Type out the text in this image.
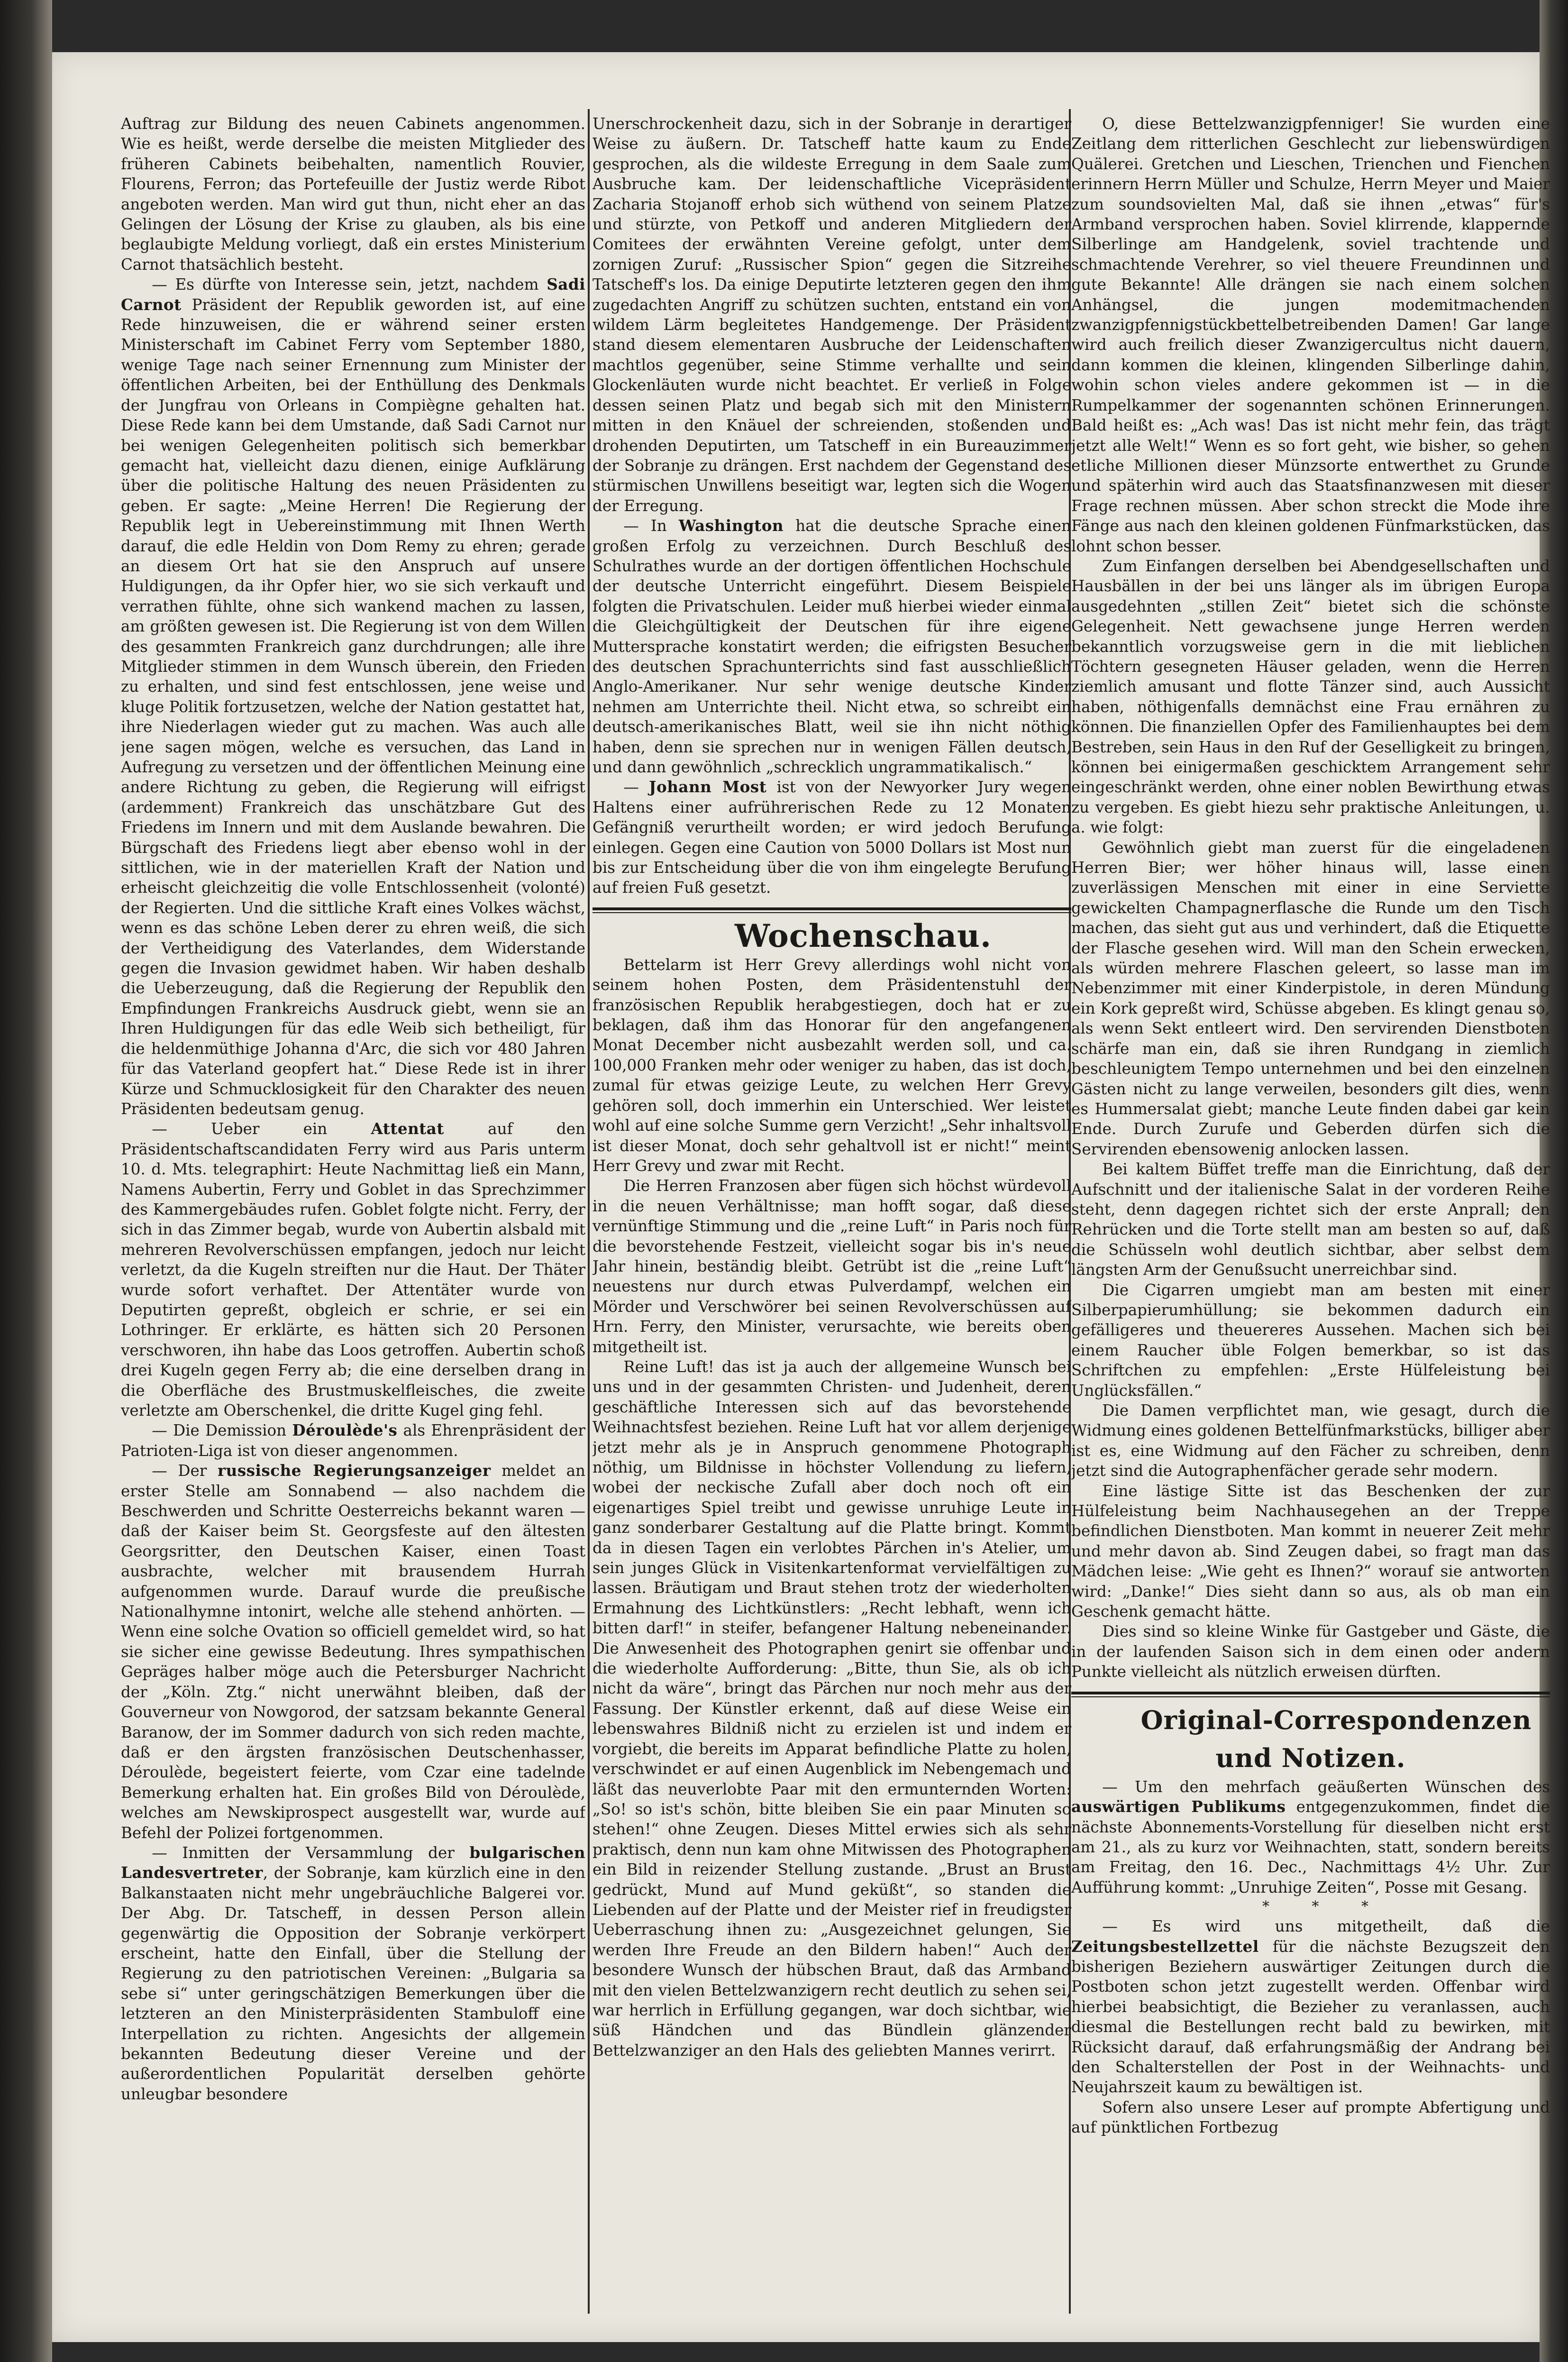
Auftrag zur Bildung des neuen Cabinets angenommen. Wie es heißt, werde derselbe die meisten Mitglieder des früheren Cabinets beibehalten, namentlich Rouvier, Flourens, Ferron; das Portefeuille der Justiz werde Ribot angeboten werden. Man wird gut thun, nicht eher an das Gelingen der Lösung der Krise zu glauben, als bis eine beglaubigte Meldung vorliegt, daß ein erstes Ministerium Carnot thatsächlich besteht.

— Es dürfte von Interesse sein, jetzt, nachdem Sadi Carnot Präsident der Republik geworden ist, auf eine Rede hinzuweisen, die er während seiner ersten Ministerschaft im Cabinet Ferry vom September 1880, wenige Tage nach seiner Ernennung zum Minister der öffentlichen Arbeiten, bei der Enthüllung des Denkmals der Jungfrau von Orleans in Compiègne gehalten hat. Diese Rede kann bei dem Umstande, daß Sadi Carnot nur bei wenigen Gelegenheiten politisch sich bemerkbar gemacht hat, vielleicht dazu dienen, einige Aufklärung über die politische Haltung des neuen Präsidenten zu geben. Er sagte: „Meine Herren! Die Regierung der Republik legt in Uebereinstimmung mit Ihnen Werth darauf, die edle Heldin von Dom Remy zu ehren; gerade an diesem Ort hat sie den Anspruch auf unsere Huldigungen, da ihr Opfer hier, wo sie sich verkauft und verrathen fühlte, ohne sich wankend machen zu lassen, am größten gewesen ist. Die Regierung ist von dem Willen des gesammten Frankreich ganz durchdrungen; alle ihre Mitglieder stimmen in dem Wunsch überein, den Frieden zu erhalten, und sind fest entschlossen, jene weise und kluge Politik fortzusetzen, welche der Nation gestattet hat, ihre Niederlagen wieder gut zu machen. Was auch alle jene sagen mögen, welche es versuchen, das Land in Aufregung zu versetzen und der öffentlichen Meinung eine andere Richtung zu geben, die Regierung will eifrigst (ardemment) Frankreich das unschätzbare Gut des Friedens im Innern und mit dem Auslande bewahren. Die Bürgschaft des Friedens liegt aber ebenso wohl in der sittlichen, wie in der materiellen Kraft der Nation und erheischt gleichzeitig die volle Entschlossenheit (volonté) der Regierten. Und die sittliche Kraft eines Volkes wächst, wenn es das schöne Leben derer zu ehren weiß, die sich der Vertheidigung des Vaterlandes, dem Widerstande gegen die Invasion gewidmet haben. Wir haben deshalb die Ueberzeugung, daß die Regierung der Republik den Empfindungen Frankreichs Ausdruck giebt, wenn sie an Ihren Huldigungen für das edle Weib sich betheiligt, für die heldenmüthige Johanna d'Arc, die sich vor 480 Jahren für das Vaterland geopfert hat.“ Diese Rede ist in ihrer Kürze und Schmucklosigkeit für den Charakter des neuen Präsidenten bedeutsam genug.

— Ueber ein Attentat auf den Präsidentschaftscandidaten Ferry wird aus Paris unterm 10. d. Mts. telegraphirt: Heute Nachmittag ließ ein Mann, Namens Aubertin, Ferry und Goblet in das Sprechzimmer des Kammergebäudes rufen. Goblet folgte nicht. Ferry, der sich in das Zimmer begab, wurde von Aubertin alsbald mit mehreren Revolverschüssen empfangen, jedoch nur leicht verletzt, da die Kugeln streiften nur die Haut. Der Thäter wurde sofort verhaftet. Der Attentäter wurde von Deputirten gepreßt, obgleich er schrie, er sei ein Lothringer. Er erklärte, es hätten sich 20 Personen verschworen, ihn habe das Loos getroffen. Aubertin schoß drei Kugeln gegen Ferry ab; die eine derselben drang in die Oberfläche des Brustmuskelfleisches, die zweite verletzte am Oberschenkel, die dritte Kugel ging fehl.

— Die Demission Déroulède's als Ehrenpräsident der Patrioten-Liga ist von dieser angenommen.

— Der russische Regierungsanzeiger meldet an erster Stelle am Sonnabend — also nachdem die Beschwerden und Schritte Oesterreichs bekannt waren — daß der Kaiser beim St. Georgsfeste auf den ältesten Georgsritter, den Deutschen Kaiser, einen Toast ausbrachte, welcher mit brausendem Hurrah aufgenommen wurde. Darauf wurde die preußische Nationalhymne intonirt, welche alle stehend anhörten. — Wenn eine solche Ovation so officiell gemeldet wird, so hat sie sicher eine gewisse Bedeutung. Ihres sympathischen Gepräges halber möge auch die Petersburger Nachricht der „Köln. Ztg.“ nicht unerwähnt bleiben, daß der Gouverneur von Nowgorod, der satzsam bekannte General Baranow, der im Sommer dadurch von sich reden machte, daß er den ärgsten französischen Deutschenhasser, Déroulède, begeistert feierte, vom Czar eine tadelnde Bemerkung erhalten hat. Ein großes Bild von Déroulède, welches am Newskiprospect ausgestellt war, wurde auf Befehl der Polizei fortgenommen.

— Inmitten der Versammlung der bulgarischen Landesvertreter, der Sobranje, kam kürzlich eine in den Balkanstaaten nicht mehr ungebräuchliche Balgerei vor. Der Abg. Dr. Tatscheff, in dessen Person allein gegenwärtig die Opposition der Sobranje verkörpert erscheint, hatte den Einfall, über die Stellung der Regierung zu den patriotischen Vereinen: „Bulgaria sa sebe si“ unter geringschätzigen Bemerkungen über die letzteren an den Ministerpräsidenten Stambuloff eine Interpellation zu richten. Angesichts der allgemein bekannten Bedeutung dieser Vereine und der außerordentlichen Popularität derselben gehörte unleugbar besondere

Unerschrockenheit dazu, sich in der Sobranje in derartiger Weise zu äußern. Dr. Tatscheff hatte kaum zu Ende gesprochen, als die wildeste Erregung in dem Saale zum Ausbruche kam. Der leidenschaftliche Vicepräsident Zacharia Stojanoff erhob sich wüthend von seinem Platze und stürzte, von Petkoff und anderen Mitgliedern der Comitees der erwähnten Vereine gefolgt, unter dem zornigen Zuruf: „Russischer Spion“ gegen die Sitzreihe Tatscheff's los. Da einige Deputirte letzteren gegen den ihm zugedachten Angriff zu schützen suchten, entstand ein von wildem Lärm begleitetes Handgemenge. Der Präsident stand diesem elementaren Ausbruche der Leidenschaften machtlos gegenüber, seine Stimme verhallte und sein Glockenläuten wurde nicht beachtet. Er verließ in Folge dessen seinen Platz und begab sich mit den Ministern mitten in den Knäuel der schreienden, stoßenden und drohenden Deputirten, um Tatscheff in ein Bureauzimmer der Sobranje zu drängen. Erst nachdem der Gegenstand des stürmischen Unwillens beseitigt war, legten sich die Wogen der Erregung.

— In Washington hat die deutsche Sprache einen großen Erfolg zu verzeichnen. Durch Beschluß des Schulrathes wurde an der dortigen öffentlichen Hochschule der deutsche Unterricht eingeführt. Diesem Beispiele folgten die Privatschulen. Leider muß hierbei wieder einmal die Gleichgültigkeit der Deutschen für ihre eigene Muttersprache konstatirt werden; die eifrigsten Besucher des deutschen Sprachunterrichts sind fast ausschließlich Anglo-Amerikaner. Nur sehr wenige deutsche Kinder nehmen am Unterrichte theil. Nicht etwa, so schreibt ein deutsch-amerikanisches Blatt, weil sie ihn nicht nöthig haben, denn sie sprechen nur in wenigen Fällen deutsch, und dann gewöhnlich „schrecklich ungrammatikalisch.“

— Johann Most ist von der Newyorker Jury wegen Haltens einer aufrührerischen Rede zu 12 Monaten Gefängniß verurtheilt worden; er wird jedoch Berufung einlegen. Gegen eine Caution von 5000 Dollars ist Most nun bis zur Entscheidung über die von ihm eingelegte Berufung auf freien Fuß gesetzt.

Wochenschau.

Bettelarm ist Herr Grevy allerdings wohl nicht von seinem hohen Posten, dem Präsidentenstuhl der französischen Republik herabgestiegen, doch hat er zu beklagen, daß ihm das Honorar für den angefangenen Monat December nicht ausbezahlt werden soll, und ca. 100,000 Franken mehr oder weniger zu haben, das ist doch, zumal für etwas geizige Leute, zu welchen Herr Grevy gehören soll, doch immerhin ein Unterschied. Wer leistet wohl auf eine solche Summe gern Verzicht! „Sehr inhaltsvoll ist dieser Monat, doch sehr gehaltvoll ist er nicht!“ meint Herr Grevy und zwar mit Recht.

Die Herren Franzosen aber fügen sich höchst würdevoll in die neuen Verhältnisse; man hofft sogar, daß diese vernünftige Stimmung und die „reine Luft“ in Paris noch für die bevorstehende Festzeit, vielleicht sogar bis in's neue Jahr hinein, beständig bleibt. Getrübt ist die „reine Luft“ neuestens nur durch etwas Pulverdampf, welchen ein Mörder und Verschwörer bei seinen Revolverschüssen auf Hrn. Ferry, den Minister, verursachte, wie bereits oben mitgetheilt ist.

Reine Luft! das ist ja auch der allgemeine Wunsch bei uns und in der gesammten Christen- und Judenheit, deren geschäftliche Interessen sich auf das bevorstehende Weihnachtsfest beziehen. Reine Luft hat vor allem derjenige jetzt mehr als je in Anspruch genommene Photograph nöthig, um Bildnisse in höchster Vollendung zu liefern, wobei der neckische Zufall aber doch noch oft ein eigenartiges Spiel treibt und gewisse unruhige Leute in ganz sonderbarer Gestaltung auf die Platte bringt. Kommt da in diesen Tagen ein verlobtes Pärchen in's Atelier, um sein junges Glück in Visitenkartenformat vervielfältigen zu lassen. Bräutigam und Braut stehen trotz der wiederholten Ermahnung des Lichtkünstlers: „Recht lebhaft, wenn ich bitten darf!“ in steifer, befangener Haltung nebeneinander. Die Anwesenheit des Photographen genirt sie offenbar und die wiederholte Aufforderung: „Bitte, thun Sie, als ob ich nicht da wäre“, bringt das Pärchen nur noch mehr aus der Fassung. Der Künstler erkennt, daß auf diese Weise ein lebenswahres Bildniß nicht zu erzielen ist und indem er vorgiebt, die bereits im Apparat befindliche Platte zu holen, verschwindet er auf einen Augenblick im Nebengemach und läßt das neuverlobte Paar mit den ermunternden Worten: „So! so ist's schön, bitte bleiben Sie ein paar Minuten so stehen!“ ohne Zeugen. Dieses Mittel erwies sich als sehr praktisch, denn nun kam ohne Mitwissen des Photographen ein Bild in reizender Stellung zustande. „Brust an Brust gedrückt, Mund auf Mund geküßt“, so standen die Liebenden auf der Platte und der Meister rief in freudigster Ueberraschung ihnen zu: „Ausgezeichnet gelungen, Sie werden Ihre Freude an den Bildern haben!“ Auch der besondere Wunsch der hübschen Braut, daß das Armband mit den vielen Bettelzwanzigern recht deutlich zu sehen sei, war herrlich in Erfüllung gegangen, war doch sichtbar, wie süß Händchen und das Bündlein glänzender Bettelzwanziger an den Hals des geliebten Mannes verirrt.

O, diese Bettelzwanzigpfenniger! Sie wurden eine Zeitlang dem ritterlichen Geschlecht zur liebenswürdigen Quälerei. Gretchen und Lieschen, Trienchen und Fienchen erinnern Herrn Müller und Schulze, Herrn Meyer und Maier zum soundsovielten Mal, daß sie ihnen „etwas“ für's Armband versprochen haben. Soviel klirrende, klappernde Silberlinge am Handgelenk, soviel trachtende und schmachtende Verehrer, so viel theuere Freundinnen und gute Bekannte! Alle drängen sie nach einem solchen Anhängsel, die jungen modemitmachenden zwanzigpfennigstückbettelbetreibenden Damen! Gar lange wird auch freilich dieser Zwanzigercultus nicht dauern, dann kommen die kleinen, klingenden Silberlinge dahin, wohin schon vieles andere gekommen ist — in die Rumpelkammer der sogenannten schönen Erinnerungen. Bald heißt es: „Ach was! Das ist nicht mehr fein, das trägt jetzt alle Welt!“ Wenn es so fort geht, wie bisher, so gehen etliche Millionen dieser Münzsorte entwerthet zu Grunde und späterhin wird auch das Staatsfinanzwesen mit dieser Frage rechnen müssen. Aber schon streckt die Mode ihre Fänge aus nach den kleinen goldenen Fünfmarkstücken, das lohnt schon besser.

Zum Einfangen derselben bei Abendgesellschaften und Hausbällen in der bei uns länger als im übrigen Europa ausgedehnten „stillen Zeit“ bietet sich die schönste Gelegenheit. Nett gewachsene junge Herren werden bekanntlich vorzugsweise gern in die mit lieblichen Töchtern gesegneten Häuser geladen, wenn die Herren ziemlich amusant und flotte Tänzer sind, auch Aussicht haben, nöthigenfalls demnächst eine Frau ernähren zu können. Die finanziellen Opfer des Familienhauptes bei dem Bestreben, sein Haus in den Ruf der Geselligkeit zu bringen, können bei einigermaßen geschicktem Arrangement sehr eingeschränkt werden, ohne einer noblen Bewirthung etwas zu vergeben. Es giebt hiezu sehr praktische Anleitungen, u. a. wie folgt:

Gewöhnlich giebt man zuerst für die eingeladenen Herren Bier; wer höher hinaus will, lasse einen zuverlässigen Menschen mit einer in eine Serviette gewickelten Champagnerflasche die Runde um den Tisch machen, das sieht gut aus und verhindert, daß die Etiquette der Flasche gesehen wird. Will man den Schein erwecken, als würden mehrere Flaschen geleert, so lasse man im Nebenzimmer mit einer Kinderpistole, in deren Mündung ein Kork gepreßt wird, Schüsse abgeben. Es klingt genau so, als wenn Sekt entleert wird. Den servirenden Dienstboten schärfe man ein, daß sie ihren Rundgang in ziemlich beschleunigtem Tempo unternehmen und bei den einzelnen Gästen nicht zu lange verweilen, besonders gilt dies, wenn es Hummersalat giebt; manche Leute finden dabei gar kein Ende. Durch Zurufe und Geberden dürfen sich die Servirenden ebensowenig anlocken lassen.

Bei kaltem Büffet treffe man die Einrichtung, daß der Aufschnitt und der italienische Salat in der vorderen Reihe steht, denn dagegen richtet sich der erste Anprall; den Rehrücken und die Torte stellt man am besten so auf, daß die Schüsseln wohl deutlich sichtbar, aber selbst dem längsten Arm der Genußsucht unerreichbar sind.

Die Cigarren umgiebt man am besten mit einer Silberpapierumhüllung; sie bekommen dadurch ein gefälligeres und theuereres Aussehen. Machen sich bei einem Raucher üble Folgen bemerkbar, so ist das Schriftchen zu empfehlen: „Erste Hülfeleistung bei Unglücksfällen.“

Die Damen verpflichtet man, wie gesagt, durch die Widmung eines goldenen Bettelfünfmarkstücks, billiger aber ist es, eine Widmung auf den Fächer zu schreiben, denn jetzt sind die Autographenfächer gerade sehr modern.

Eine lästige Sitte ist das Beschenken der zur Hülfeleistung beim Nachhausegehen an der Treppe befindlichen Dienstboten. Man kommt in neuerer Zeit mehr und mehr davon ab. Sind Zeugen dabei, so fragt man das Mädchen leise: „Wie geht es Ihnen?“ worauf sie antworten wird: „Danke!“ Dies sieht dann so aus, als ob man ein Geschenk gemacht hätte.

Dies sind so kleine Winke für Gastgeber und Gäste, die in der laufenden Saison sich in dem einen oder andern Punkte vielleicht als nützlich erweisen dürften.

Original-Correspondenzen und Notizen.

— Um den mehrfach geäußerten Wünschen des auswärtigen Publikums entgegenzukommen, findet die nächste Abonnements-Vorstellung für dieselben nicht erst am 21., als zu kurz vor Weihnachten, statt, sondern bereits am Freitag, den 16. Dec., Nachmittags 4½ Uhr. Zur Aufführung kommt: „Unruhige Zeiten“, Posse mit Gesang.

* * *

— Es wird uns mitgetheilt, daß die Zeitungsbestellzettel für die nächste Bezugszeit den bisherigen Beziehern auswärtiger Zeitungen durch die Postboten schon jetzt zugestellt werden. Offenbar wird hierbei beabsichtigt, die Bezieher zu veranlassen, auch diesmal die Bestellungen recht bald zu bewirken, mit Rücksicht darauf, daß erfahrungsmäßig der Andrang bei den Schalterstellen der Post in der Weihnachts- und Neujahrszeit kaum zu bewältigen ist.

Sofern also unsere Leser auf prompte Abfertigung und auf pünktlichen Fortbezug
